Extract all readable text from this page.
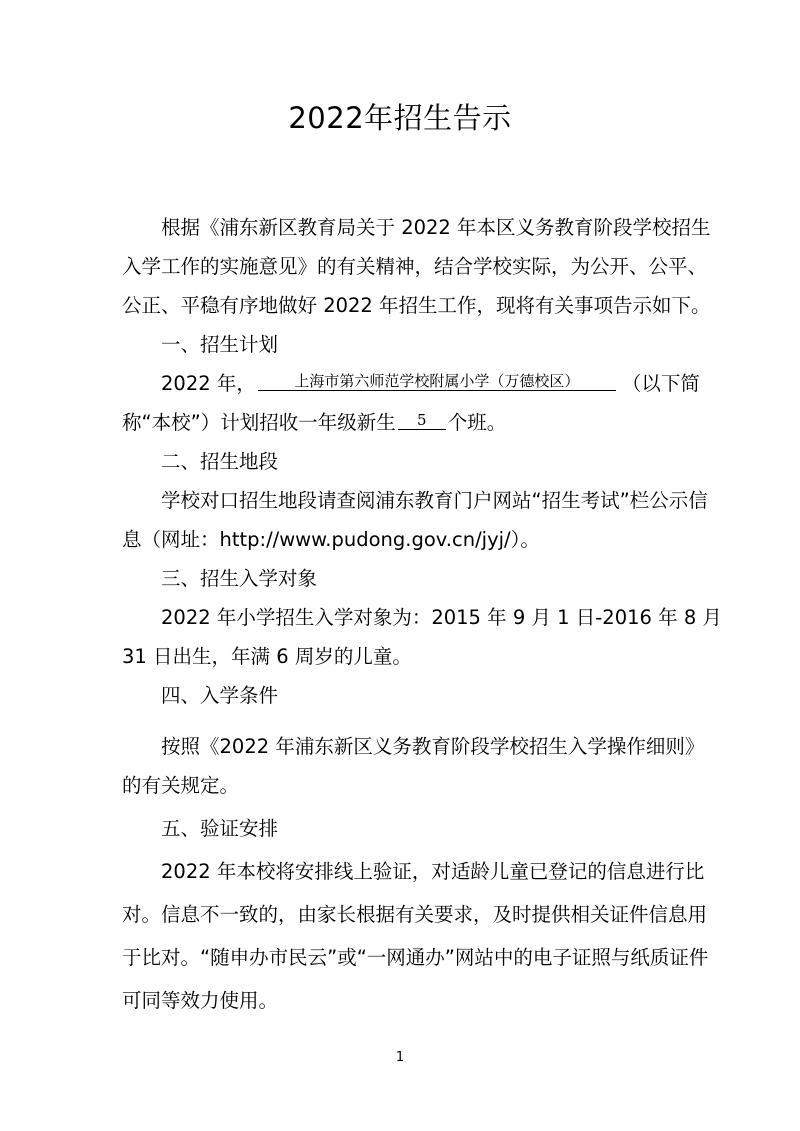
2022年招生告示
根据《浦东新区教育局关于 2022 年本区义务教育阶段学校招生
入学工作的实施意见》的有关精神，结合学校实际，为公开、公平、
公正、平稳有序地做好 2022 年招生工作，现将有关事项告示如下。
一、招生计划
2022 年，	上海市第六师范学校附属小学（万德校区） （以下简
称“本校”）计划招收一年级新生 5 个班。
二、招生地段
学校对口招生地段请查阅浦东教育门户网站“招生考试”栏公示信
息（网址：http://www.pudong.gov.cn/jyj/）。
三、招生入学对象
2022 年小学招生入学对象为：2015 年 9 月 1 日-2016 年 8 月
31 日出生，年满 6 周岁的儿童。
四、入学条件
按照《2022 年浦东新区义务教育阶段学校招生入学操作细则》
的有关规定。
五、验证安排
2022 年本校将安排线上验证，对适龄儿童已登记的信息进行比
对。信息不一致的，由家长根据有关要求，及时提供相关证件信息用
于比对。“随申办市民云”或“一网通办”网站中的电子证照与纸质证件
可同等效力使用。
1
